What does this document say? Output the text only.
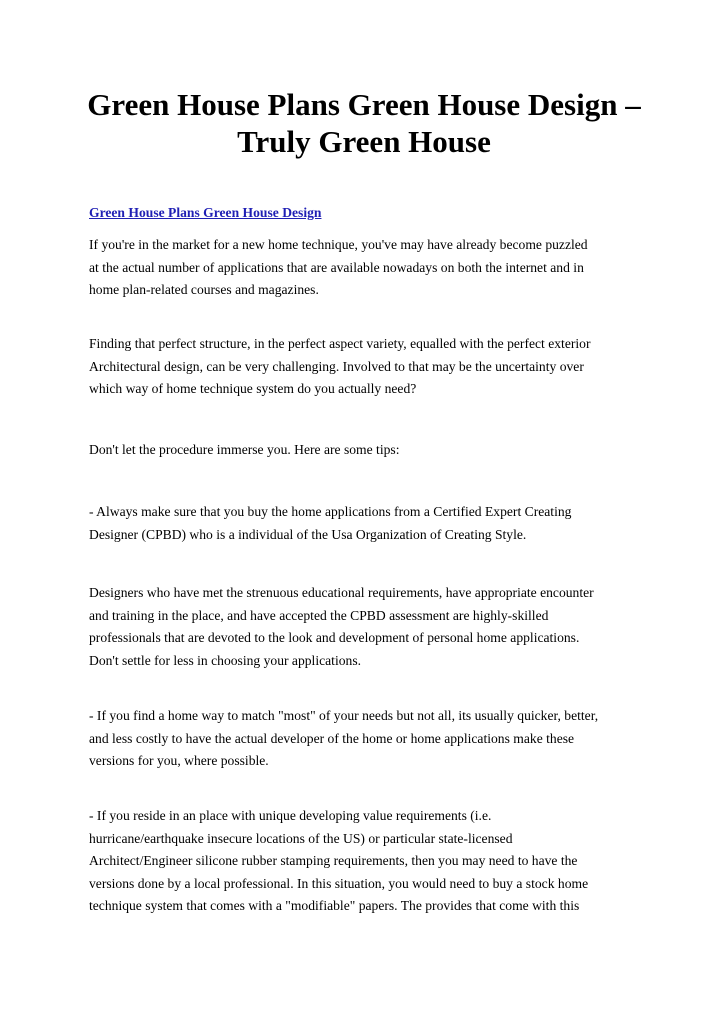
Green House Plans Green House Design –
Truly Green House
Green House Plans Green House Design

If you're in the market for a new home technique, you've may have already become puzzled
at the actual number of applications that are available nowadays on both the internet and in
home plan-related courses and magazines.

Finding that perfect structure, in the perfect aspect variety, equalled with the perfect exterior
Architectural design, can be very challenging. Involved to that may be the uncertainty over
which way of home technique system do you actually need?

Don't let the procedure immerse you. Here are some tips:

- Always make sure that you buy the home applications from a Certified Expert Creating
Designer (CPBD) who is a individual of the Usa Organization of Creating Style.

Designers who have met the strenuous educational requirements, have appropriate encounter
and training in the place, and have accepted the CPBD assessment are highly-skilled
professionals that are devoted to the look and development of personal home applications.
Don't settle for less in choosing your applications.

- If you find a home way to match "most" of your needs but not all, its usually quicker, better,
and less costly to have the actual developer of the home or home applications make these
versions for you, where possible.

- If you reside in an place with unique developing value requirements (i.e.
hurricane/earthquake insecure locations of the US) or particular state-licensed
Architect/Engineer silicone rubber stamping requirements, then you may need to have the
versions done by a local professional. In this situation, you would need to buy a stock home
technique system that comes with a "modifiable" papers. The provides that come with this
